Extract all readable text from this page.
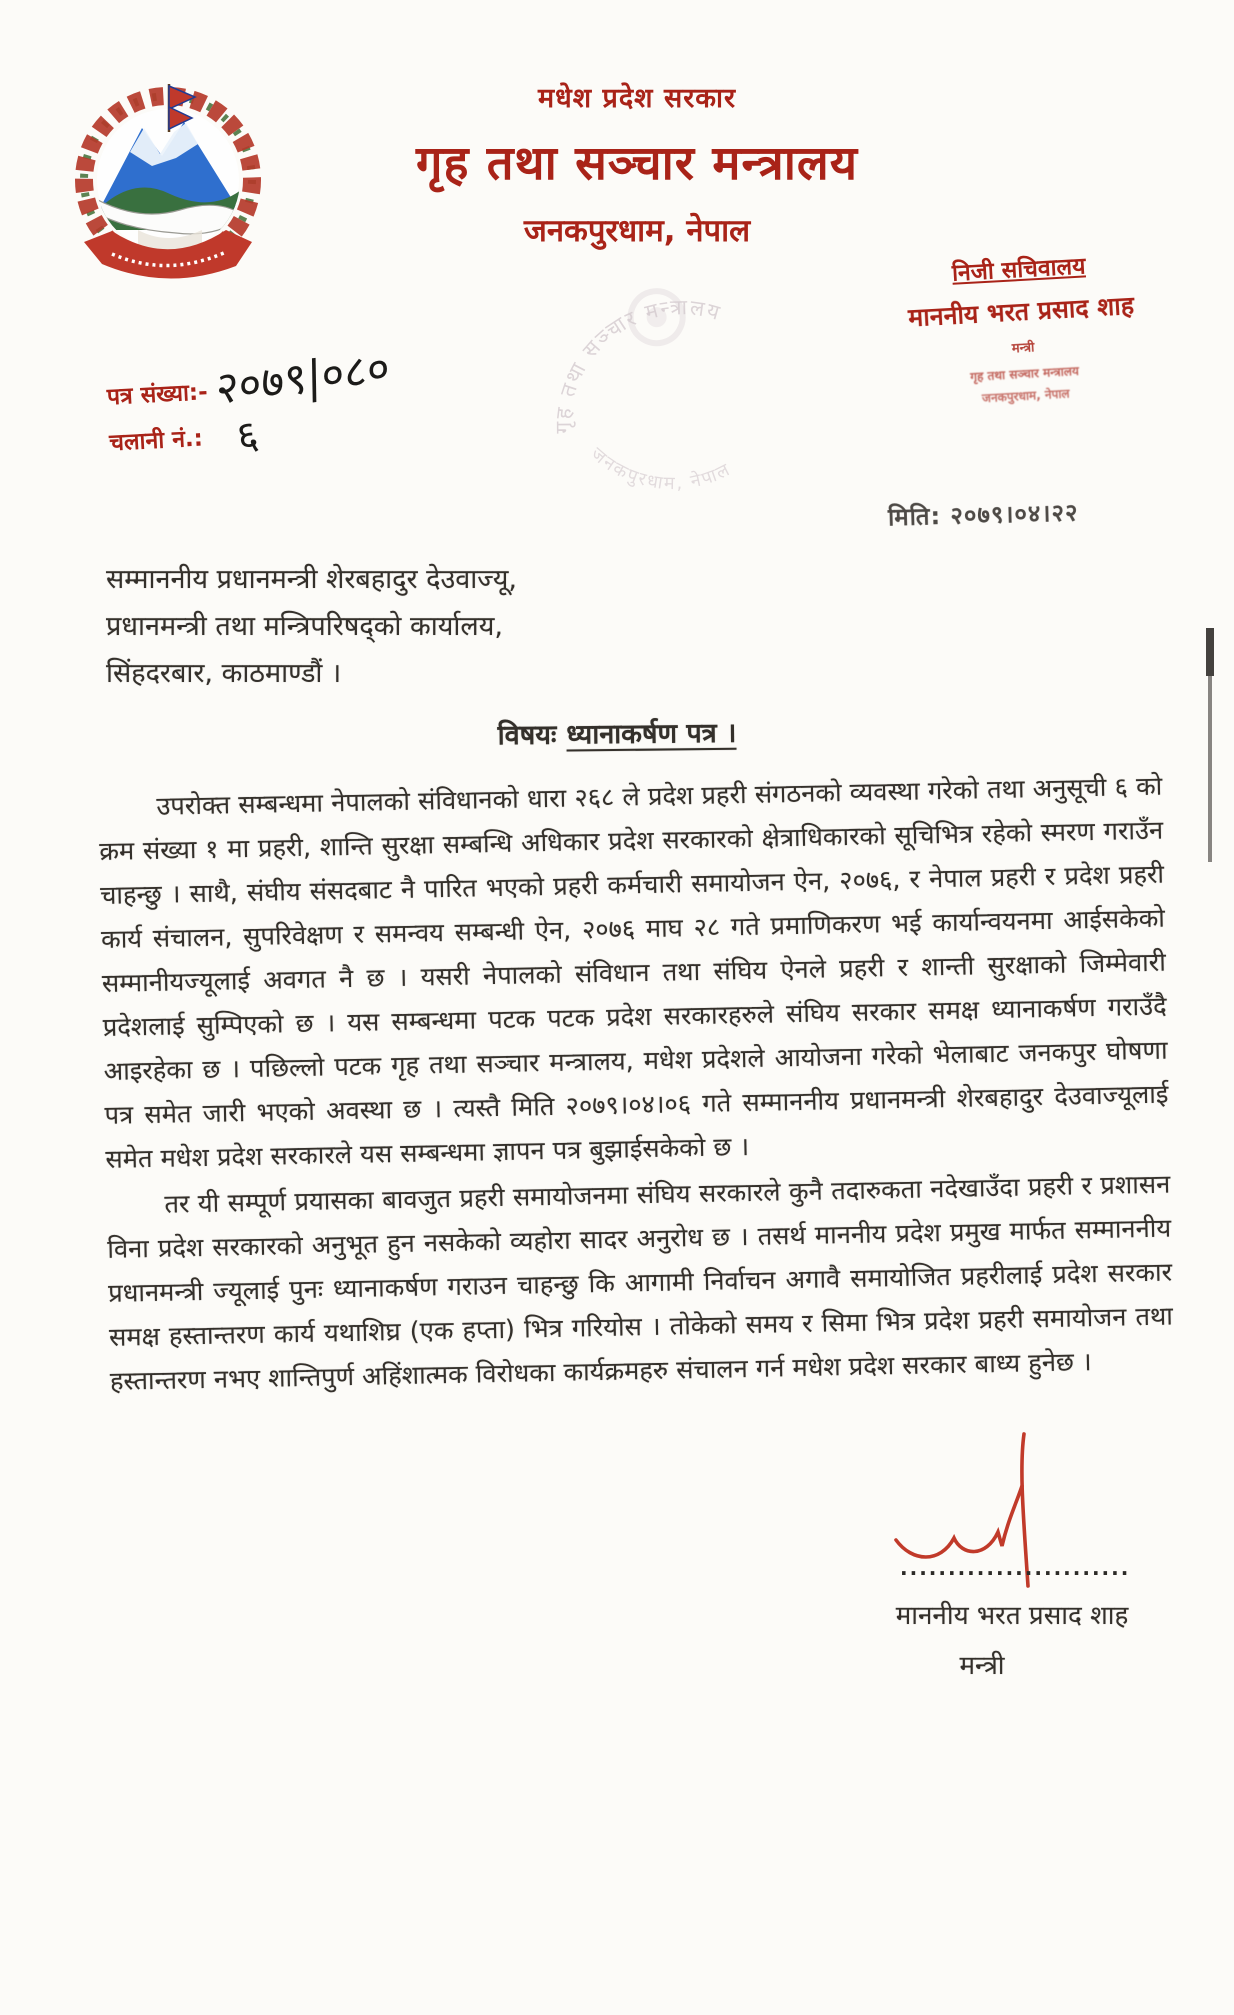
मधेश प्रदेश सरकार
गृह तथा सञ्चार मन्त्रालय
जनकपुरधाम, नेपाल
निजी सचिवालय
माननीय भरत प्रसाद शाह
मन्त्री
गृह तथा सञ्चार मन्त्रालय
जनकपुरधाम, नेपाल
गृह तथा सञ्चार मन्त्रालय
जनकपुरधाम, नेपाल
पत्र संख्या:- २०७९|०८०
चलानी नं.: ६
मिति: २०७९।०४।२२
सम्माननीय प्रधानमन्त्री शेरबहादुर देउवाज्यू,
प्रधानमन्त्री तथा मन्त्रिपरिषद्को कार्यालय,
सिंहदरबार, काठमाण्डौं ।
विषयः ध्यानाकर्षण पत्र ।

उपरोक्त सम्बन्धमा नेपालको संविधानको धारा २६८ ले प्रदेश प्रहरी संगठनको व्यवस्था गरेको तथा अनुसूची ६ को क्रम संख्या १ मा प्रहरी, शान्ति सुरक्षा सम्बन्धि अधिकार प्रदेश सरकारको क्षेत्राधिकारको सूचिभित्र रहेको स्मरण गराउँन चाहन्छु । साथै, संघीय संसदबाट नै पारित भएको प्रहरी कर्मचारी समायोजन ऐन, २०७६, र नेपाल प्रहरी र प्रदेश प्रहरी कार्य संचालन, सुपरिवेक्षण र समन्वय सम्बन्धी ऐन, २०७६ माघ २८ गते प्रमाणिकरण भई कार्यान्वयनमा आईसकेको सम्मानीयज्यूलाई अवगत नै छ । यसरी नेपालको संविधान तथा संघिय ऐनले प्रहरी र शान्ती सुरक्षाको जिम्मेवारी प्रदेशलाई सुम्पिएको छ । यस सम्बन्धमा पटक पटक प्रदेश सरकारहरुले संघिय सरकार समक्ष ध्यानाकर्षण गराउँदै आइरहेका छ । पछिल्लो पटक गृह तथा सञ्चार मन्त्रालय, मधेश प्रदेशले आयोजना गरेको भेलाबाट जनकपुर घोषणा पत्र समेत जारी भएको अवस्था छ । त्यस्तै मिति २०७९।०४।०६ गते सम्माननीय प्रधानमन्त्री शेरबहादुर देउवाज्यूलाई समेत मधेश प्रदेश सरकारले यस सम्बन्धमा ज्ञापन पत्र बुझाईसकेको छ ।

तर यी सम्पूर्ण प्रयासका बावजुत प्रहरी समायोजनमा संघिय सरकारले कुनै तदारुकता नदेखाउँदा प्रहरी र प्रशासन विना प्रदेश सरकारको अनुभूत हुन नसकेको व्यहोरा सादर अनुरोध छ । तसर्थ माननीय प्रदेश प्रमुख मार्फत सम्माननीय प्रधानमन्त्री ज्यूलाई पुनः ध्यानाकर्षण गराउन चाहन्छु कि आगामी निर्वाचन अगावै समायोजित प्रहरीलाई प्रदेश सरकार समक्ष हस्तान्तरण कार्य यथाशिघ्र (एक हप्ता) भित्र गरियोस । तोकेको समय र सिमा भित्र प्रदेश प्रहरी समायोजन तथा हस्तान्तरण नभए शान्तिपुर्ण अहिंशात्मक विरोधका कार्यक्रमहरु संचालन गर्न मधेश प्रदेश सरकार बाध्य हुनेछ ।

........................
माननीय भरत प्रसाद शाह
मन्त्री
